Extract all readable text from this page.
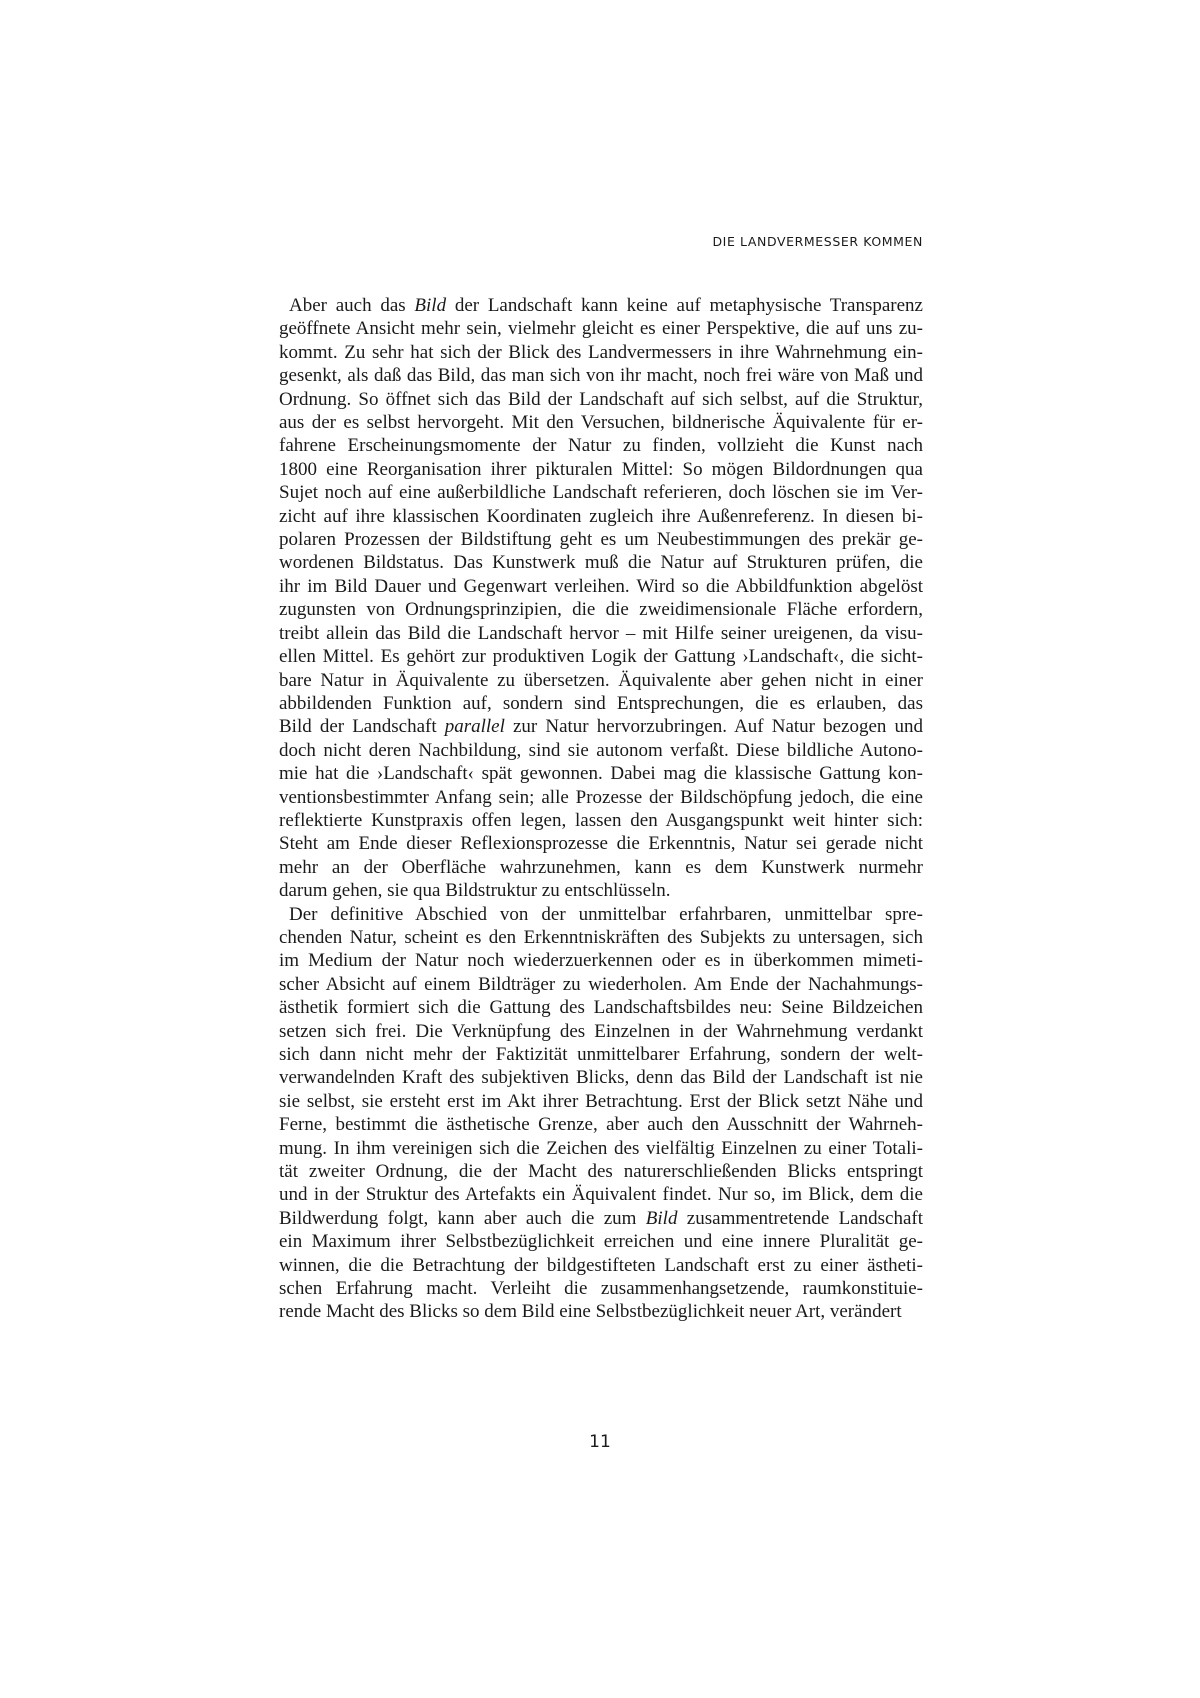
DIE LANDVERMESSER KOMMEN
Aber auch das Bild der Landschaft kann keine auf metaphysische Transparenz
geöffnete Ansicht mehr sein, vielmehr gleicht es einer Perspektive, die auf uns zu-
kommt. Zu sehr hat sich der Blick des Landvermessers in ihre Wahrnehmung ein-
gesenkt, als daß das Bild, das man sich von ihr macht, noch frei wäre von Maß und
Ordnung. So öffnet sich das Bild der Landschaft auf sich selbst, auf die Struktur,
aus der es selbst hervorgeht. Mit den Versuchen, bildnerische Äquivalente für er-
fahrene Erscheinungsmomente der Natur zu finden, vollzieht die Kunst nach
1800 eine Reorganisation ihrer pikturalen Mittel: So mögen Bildordnungen qua
Sujet noch auf eine außerbildliche Landschaft referieren, doch löschen sie im Ver-
zicht auf ihre klassischen Koordinaten zugleich ihre Außenreferenz. In diesen bi-
polaren Prozessen der Bildstiftung geht es um Neubestimmungen des prekär ge-
wordenen Bildstatus. Das Kunstwerk muß die Natur auf Strukturen prüfen, die
ihr im Bild Dauer und Gegenwart verleihen. Wird so die Abbildfunktion abgelöst
zugunsten von Ordnungsprinzipien, die die zweidimensionale Fläche erfordern,
treibt allein das Bild die Landschaft hervor – mit Hilfe seiner ureigenen, da visu-
ellen Mittel. Es gehört zur produktiven Logik der Gattung ›Landschaft‹, die sicht-
bare Natur in Äquivalente zu übersetzen. Äquivalente aber gehen nicht in einer
abbildenden Funktion auf, sondern sind Entsprechungen, die es erlauben, das
Bild der Landschaft parallel zur Natur hervorzubringen. Auf Natur bezogen und
doch nicht deren Nachbildung, sind sie autonom verfaßt. Diese bildliche Autono-
mie hat die ›Landschaft‹ spät gewonnen. Dabei mag die klassische Gattung kon-
ventionsbestimmter Anfang sein; alle Prozesse der Bildschöpfung jedoch, die eine
reflektierte Kunstpraxis offen legen, lassen den Ausgangspunkt weit hinter sich:
Steht am Ende dieser Reflexionsprozesse die Erkenntnis, Natur sei gerade nicht
mehr an der Oberfläche wahrzunehmen, kann es dem Kunstwerk nurmehr
darum gehen, sie qua Bildstruktur zu entschlüsseln.
Der definitive Abschied von der unmittelbar erfahrbaren, unmittelbar spre-
chenden Natur, scheint es den Erkenntniskräften des Subjekts zu untersagen, sich
im Medium der Natur noch wiederzuerkennen oder es in überkommen mimeti-
scher Absicht auf einem Bildträger zu wiederholen. Am Ende der Nachahmungs-
ästhetik formiert sich die Gattung des Landschaftsbildes neu: Seine Bildzeichen
setzen sich frei. Die Verknüpfung des Einzelnen in der Wahrnehmung verdankt
sich dann nicht mehr der Faktizität unmittelbarer Erfahrung, sondern der welt-
verwandelnden Kraft des subjektiven Blicks, denn das Bild der Landschaft ist nie
sie selbst, sie ersteht erst im Akt ihrer Betrachtung. Erst der Blick setzt Nähe und
Ferne, bestimmt die ästhetische Grenze, aber auch den Ausschnitt der Wahrneh-
mung. In ihm vereinigen sich die Zeichen des vielfältig Einzelnen zu einer Totali-
tät zweiter Ordnung, die der Macht des naturerschließenden Blicks entspringt
und in der Struktur des Artefakts ein Äquivalent findet. Nur so, im Blick, dem die
Bildwerdung folgt, kann aber auch die zum Bild zusammentretende Landschaft
ein Maximum ihrer Selbstbezüglichkeit erreichen und eine innere Pluralität ge-
winnen, die die Betrachtung der bildgestifteten Landschaft erst zu einer ästheti-
schen Erfahrung macht. Verleiht die zusammenhangsetzende, raumkonstituie-
rende Macht des Blicks so dem Bild eine Selbstbezüglichkeit neuer Art, verändert
11
